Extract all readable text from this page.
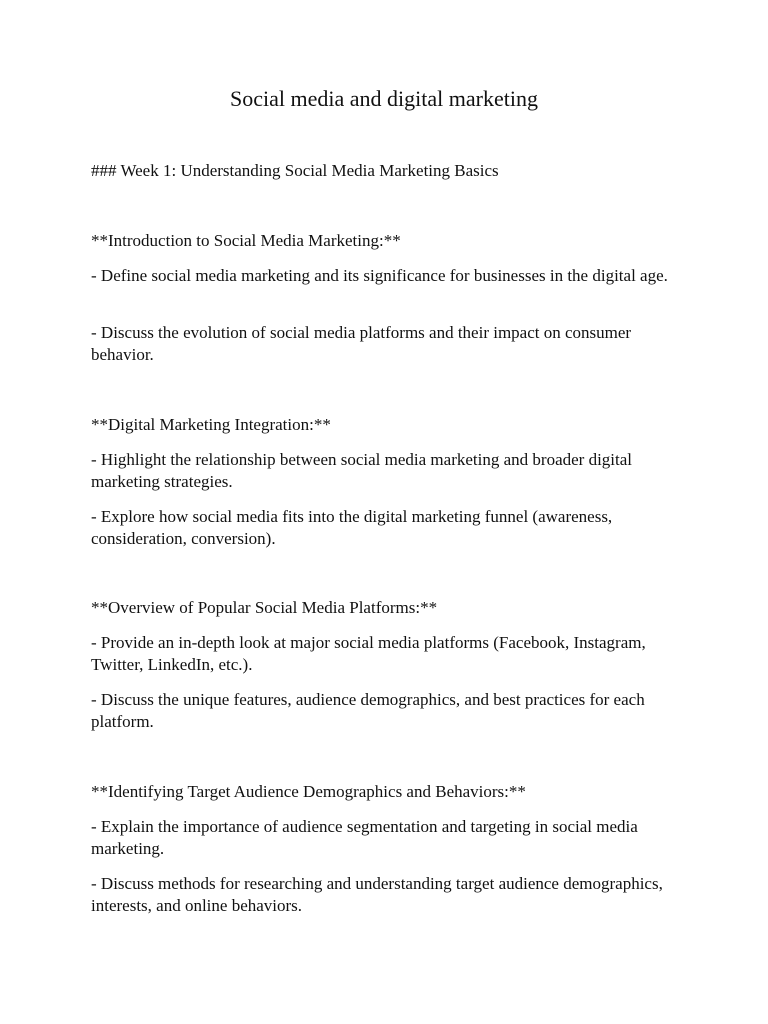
Social media and digital marketing

### Week 1: Understanding Social Media Marketing Basics

**Introduction to Social Media Marketing:**

- Define social media marketing and its significance for businesses in the digital age.

- Discuss the evolution of social media platforms and their impact on consumer behavior.

**Digital Marketing Integration:**

- Highlight the relationship between social media marketing and broader digital marketing strategies.

- Explore how social media fits into the digital marketing funnel (awareness, consideration, conversion).

**Overview of Popular Social Media Platforms:**

- Provide an in-depth look at major social media platforms (Facebook, Instagram, Twitter, LinkedIn, etc.).

- Discuss the unique features, audience demographics, and best practices for each platform.

**Identifying Target Audience Demographics and Behaviors:**

- Explain the importance of audience segmentation and targeting in social media marketing.

- Discuss methods for researching and understanding target audience demographics, interests, and online behaviors.
